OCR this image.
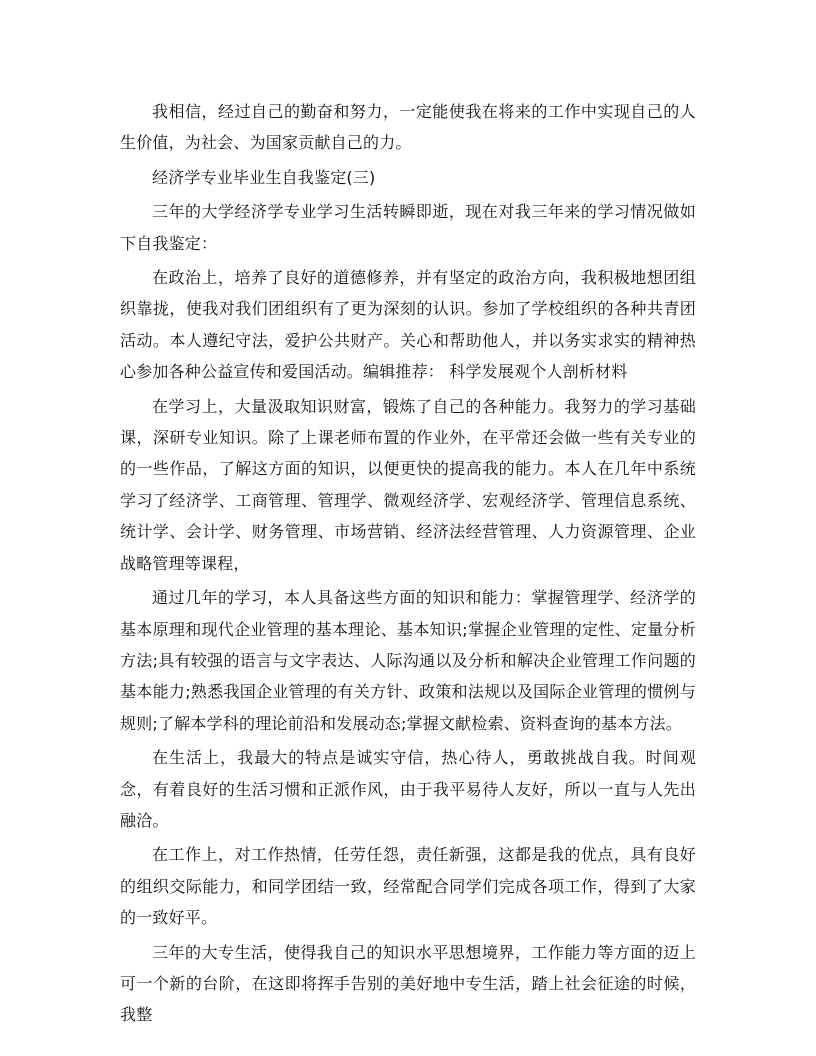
我相信，经过自己的勤奋和努力，一定能使我在将来的工作中实现自己的人生价值，为社会、为国家贡献自己的力。

经济学专业毕业生自我鉴定(三)

三年的大学经济学专业学习生活转瞬即逝，现在对我三年来的学习情况做如下自我鉴定：

在政治上，培养了良好的道德修养，并有坚定的政治方向，我积极地想团组织靠拢，使我对我们团组织有了更为深刻的认识。参加了学校组织的各种共青团活动。本人遵纪守法，爱护公共财产。关心和帮助他人，并以务实求实的精神热心参加各种公益宣传和爱国活动。编辑推荐： 科学发展观个人剖析材料

在学习上，大量汲取知识财富，锻炼了自己的各种能力。我努力的学习基础课，深研专业知识。除了上课老师布置的作业外，在平常还会做一些有关专业的的一些作品，了解这方面的知识，以便更快的提高我的能力。本人在几年中系统学习了经济学、工商管理、管理学、微观经济学、宏观经济学、管理信息系统、统计学、会计学、财务管理、市场营销、经济法经营管理、人力资源管理、企业战略管理等课程，

通过几年的学习，本人具备这些方面的知识和能力：掌握管理学、经济学的基本原理和现代企业管理的基本理论、基本知识;掌握企业管理的定性、定量分析方法;具有较强的语言与文字表达、人际沟通以及分析和解决企业管理工作问题的基本能力;熟悉我国企业管理的有关方针、政策和法规以及国际企业管理的惯例与规则;了解本学科的理论前沿和发展动态;掌握文献检索、资料查询的基本方法。

在生活上，我最大的特点是诚实守信，热心待人，勇敢挑战自我。时间观念，有着良好的生活习惯和正派作风，由于我平易待人友好，所以一直与人先出融洽。

在工作上，对工作热情，任劳任怨，责任新强，这都是我的优点，具有良好的组织交际能力，和同学团结一致，经常配合同学们完成各项工作，得到了大家的一致好平。

三年的大专生活，使得我自己的知识水平思想境界，工作能力等方面的迈上可一个新的台阶，在这即将挥手告别的美好地中专生活，踏上社会征途的时候，我整
